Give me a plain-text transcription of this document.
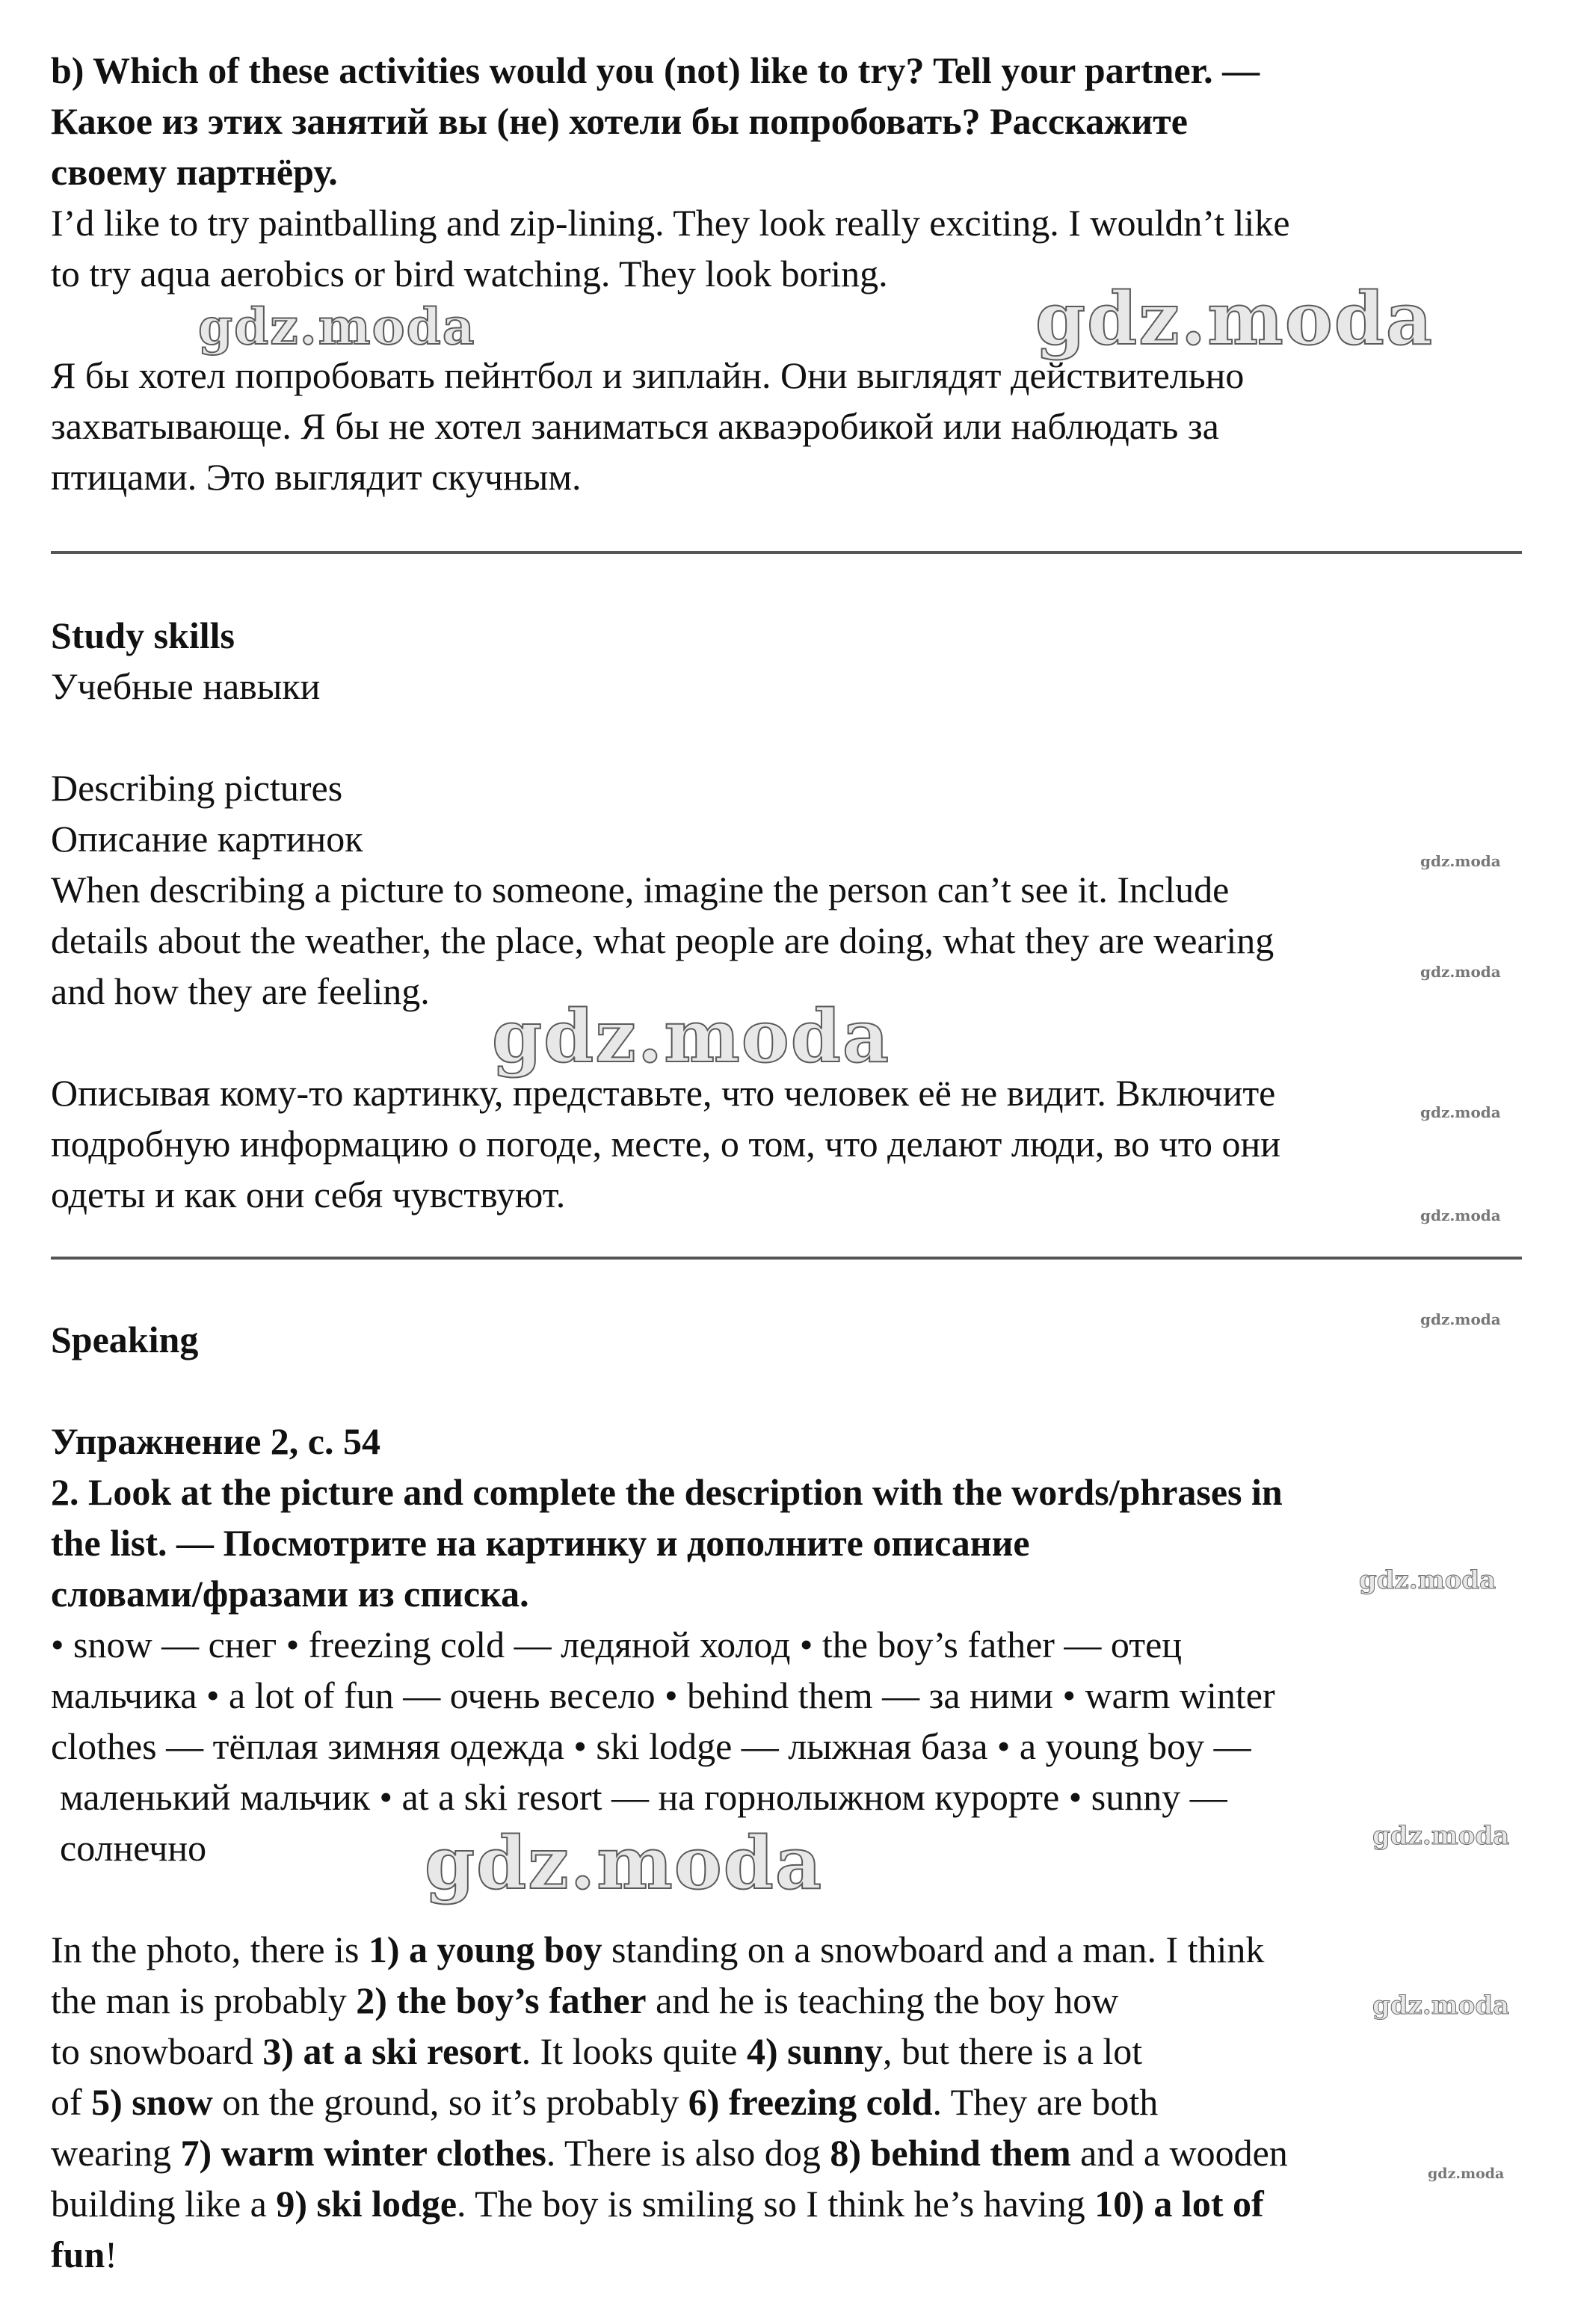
b) Which of these activities would you (not) like to try? Tell your partner. —

Какое из этих занятий вы (не) хотели бы попробовать? Расскажите

своему партнёру.

I’d like to try paintballing and zip-lining. They look really exciting. I wouldn’t like

to try aqua aerobics or bird watching. They look boring.

Я бы хотел попробовать пейнтбол и зиплайн. Они выглядят действительно

захватывающе. Я бы не хотел заниматься акваэробикой или наблюдать за

птицами. Это выглядит скучным.

Study skills

Учебные навыки

Describing pictures

Описание картинок

When describing a picture to someone, imagine the person can’t see it. Include

details about the weather, the place, what people are doing, what they are wearing

and how they are feeling.

Описывая кому-то картинку, представьте, что человек её не видит. Включите

подробную информацию о погоде, месте, о том, что делают люди, во что они

одеты и как они себя чувствуют.

Speaking

Упражнение 2, с. 54

2. Look at the picture and complete the description with the words/phrases in

the list. — Посмотрите на картинку и дополните описание

словами/фразами из списка.

• snow — снег • freezing cold — ледяной холод • the boy’s father — отец

мальчика • a lot of fun — очень весело • behind them — за ними • warm winter

clothes — тёплая зимняя одежда • ski lodge — лыжная база • a young boy —

маленький мальчик • at a ski resort — на горнолыжном курорте • sunny —

солнечно

In the photo, there is 1) a young boy standing on a snowboard and a man. I think

the man is probably 2) the boy’s father and he is teaching the boy how

to snowboard 3) at a ski resort. It looks quite 4) sunny, but there is a lot

of 5) snow on the ground, so it’s probably 6) freezing cold. They are both

wearing 7) warm winter clothes. There is also dog 8) behind them and a wooden

building like a 9) ski lodge. The boy is smiling so I think he’s having 10) a lot of

fun!

gdz.moda	gdz.moda
gdz.moda
gdz.moda
gdz.moda
gdz.moda
gdz.moda
gdz.moda
gdz.moda
gdz.moda
gdz.moda
gdz.moda
gdz.moda
